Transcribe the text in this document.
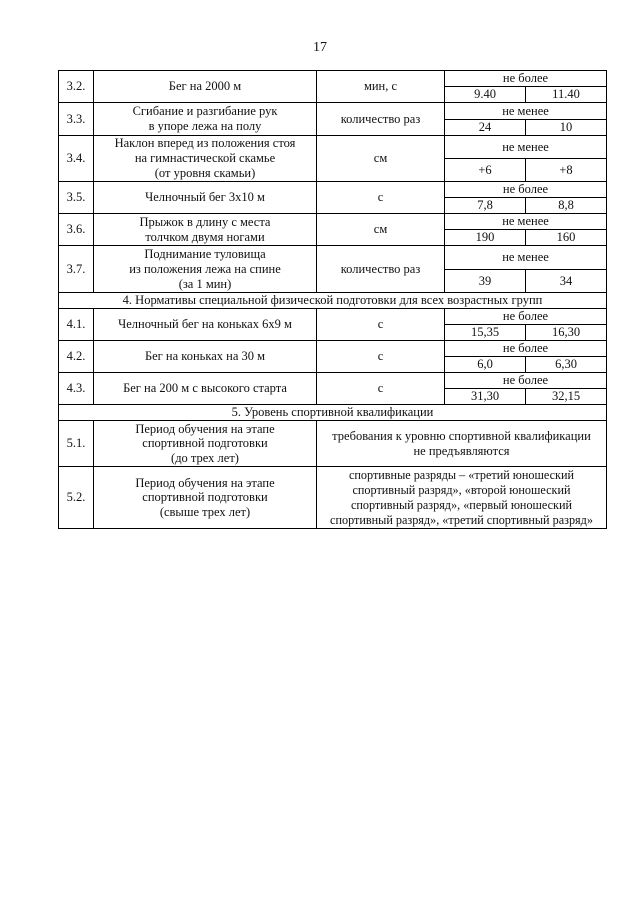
17
3.2.	Бег на 2000 м	мин, с	не более	
			9.40	11.40
3.3.	Сгибание и разгибание рук
в упоре лежа на полу	количество раз	не менее	
			24	10
3.4.	Наклон вперед из положения стоя
на гимнастической скамье
(от уровня скамьи)	см	не менее	
			+6	+8
3.5.	Челночный бег 3x10 м	с	не более	
			7,8	8,8
3.6.	Прыжок в длину с места
толчком двумя ногами	см	не менее	
			190	160
3.7.	Поднимание туловища
из положения лежа на спине
(за 1 мин)	количество раз	не менее	
			39	34
4. Нормативы специальной физической подготовки для всех возрастных групп				
4.1.	Челночный бег на коньках 6x9 м	с	не более	
			15,35	16,30
4.2.	Бег на коньках на 30 м	с	не более	
			6,0	6,30
4.3.	Бег на 200 м с высокого старта	с	не более	
			31,30	32,15
5. Уровень спортивной квалификации				
5.1.	Период обучения на этапе
спортивной подготовки
(до трех лет)	требования к уровню спортивной квалификации
не предъявляются		
5.2.	Период обучения на этапе
спортивной подготовки
(свыше трех лет)	спортивные разряды – «третий юношеский
спортивный разряд», «второй юношеский
спортивный разряд», «первый юношеский
спортивный разряд», «третий спортивный разряд»		
